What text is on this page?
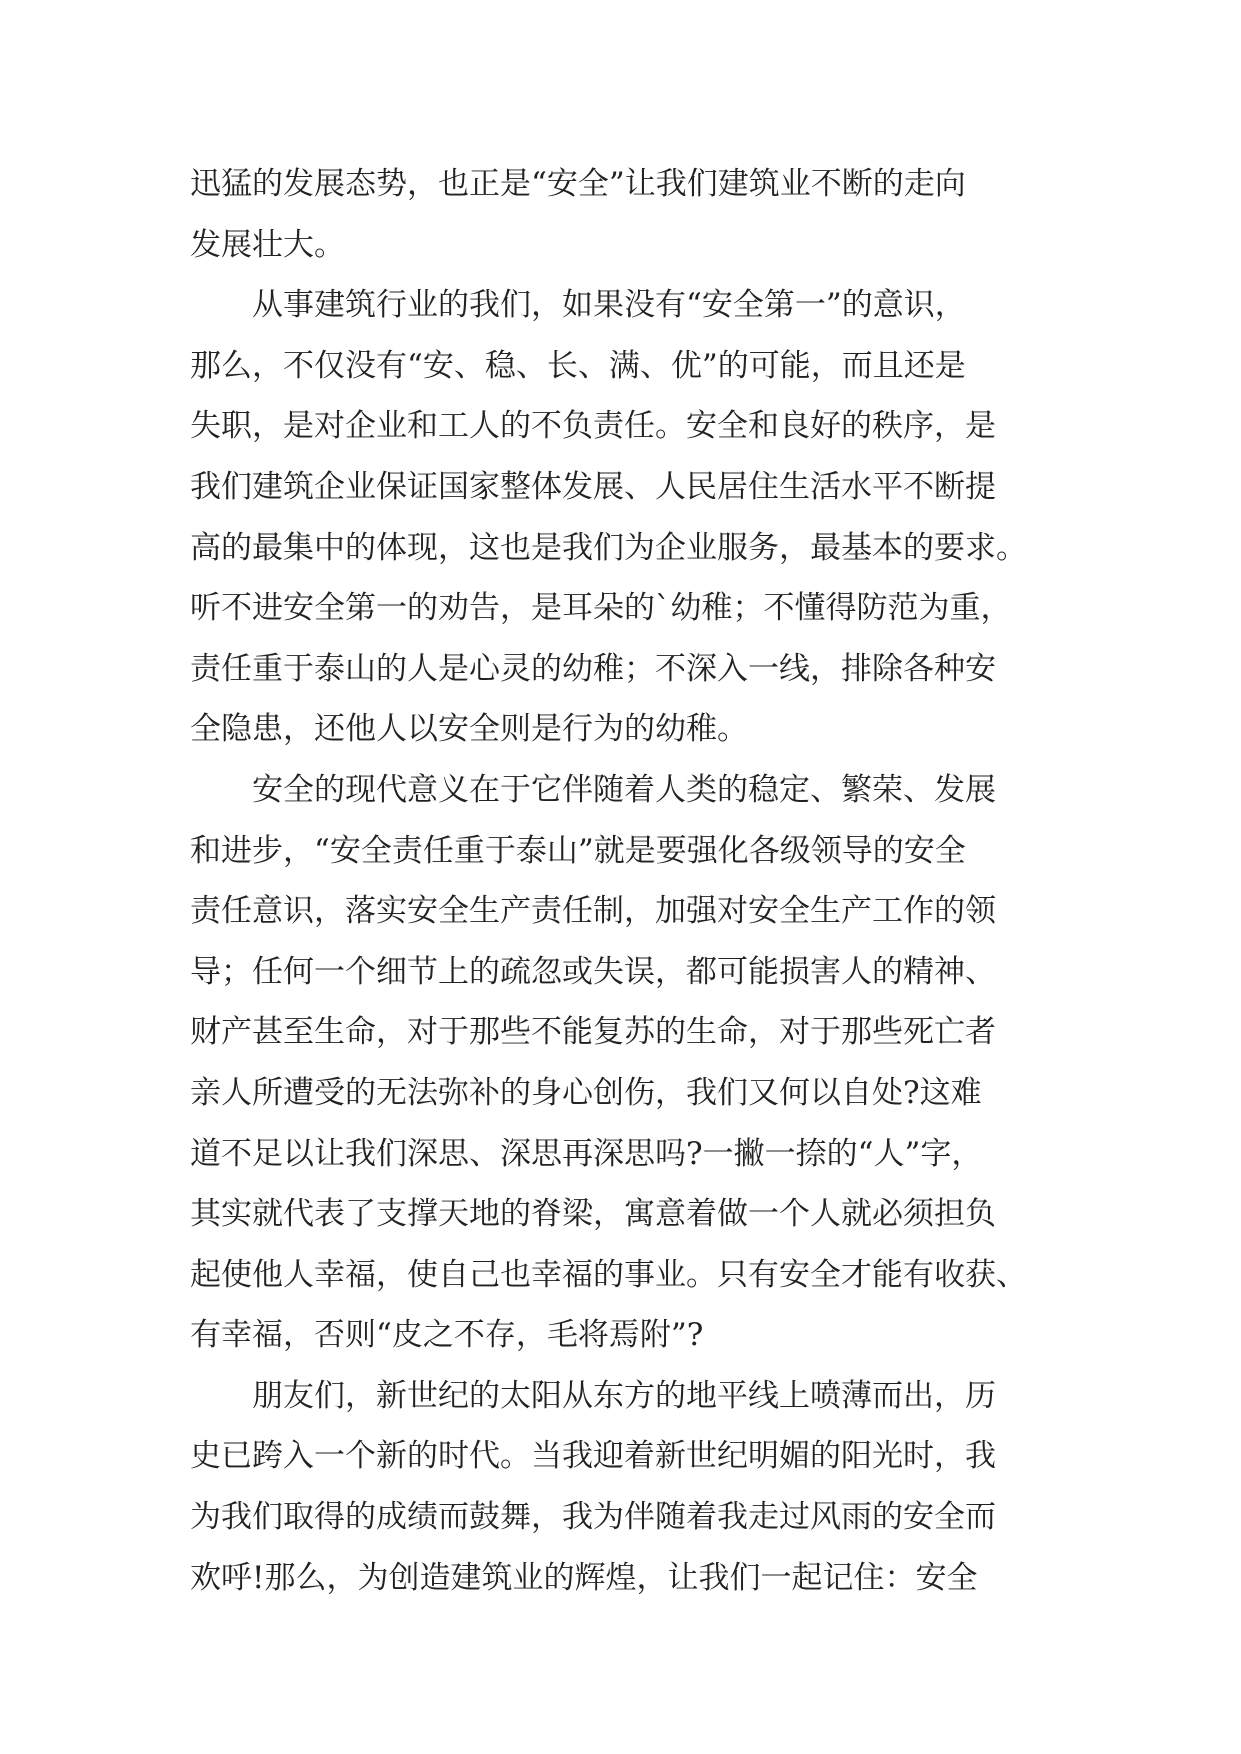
迅猛的发展态势，也正是“安全”让我们建筑业不断的走向
发展壮大。
　　从事建筑行业的我们，如果没有“安全第一”的意识，
那么，不仅没有“安、稳、长、满、优”的可能，而且还是
失职，是对企业和工人的不负责任。安全和良好的秩序，是
我们建筑企业保证国家整体发展、人民居住生活水平不断提
高的最集中的体现，这也是我们为企业服务，最基本的要求。
听不进安全第一的劝告，是耳朵的`幼稚；不懂得防范为重，
责任重于泰山的人是心灵的幼稚；不深入一线，排除各种安
全隐患，还他人以安全则是行为的幼稚。
　　安全的现代意义在于它伴随着人类的稳定、繁荣、发展
和进步，“安全责任重于泰山”就是要强化各级领导的安全
责任意识，落实安全生产责任制，加强对安全生产工作的领
导；任何一个细节上的疏忽或失误，都可能损害人的精神、
财产甚至生命，对于那些不能复苏的生命，对于那些死亡者
亲人所遭受的无法弥补的身心创伤，我们又何以自处?这难
道不足以让我们深思、深思再深思吗?一撇一捺的“人”字，
其实就代表了支撑天地的脊梁，寓意着做一个人就必须担负
起使他人幸福，使自己也幸福的事业。只有安全才能有收获、
有幸福，否则“皮之不存，毛将焉附”?
　　朋友们，新世纪的太阳从东方的地平线上喷薄而出，历
史已跨入一个新的时代。当我迎着新世纪明媚的阳光时，我
为我们取得的成绩而鼓舞，我为伴随着我走过风雨的安全而
欢呼!那么，为创造建筑业的辉煌，让我们一起记住：安全
